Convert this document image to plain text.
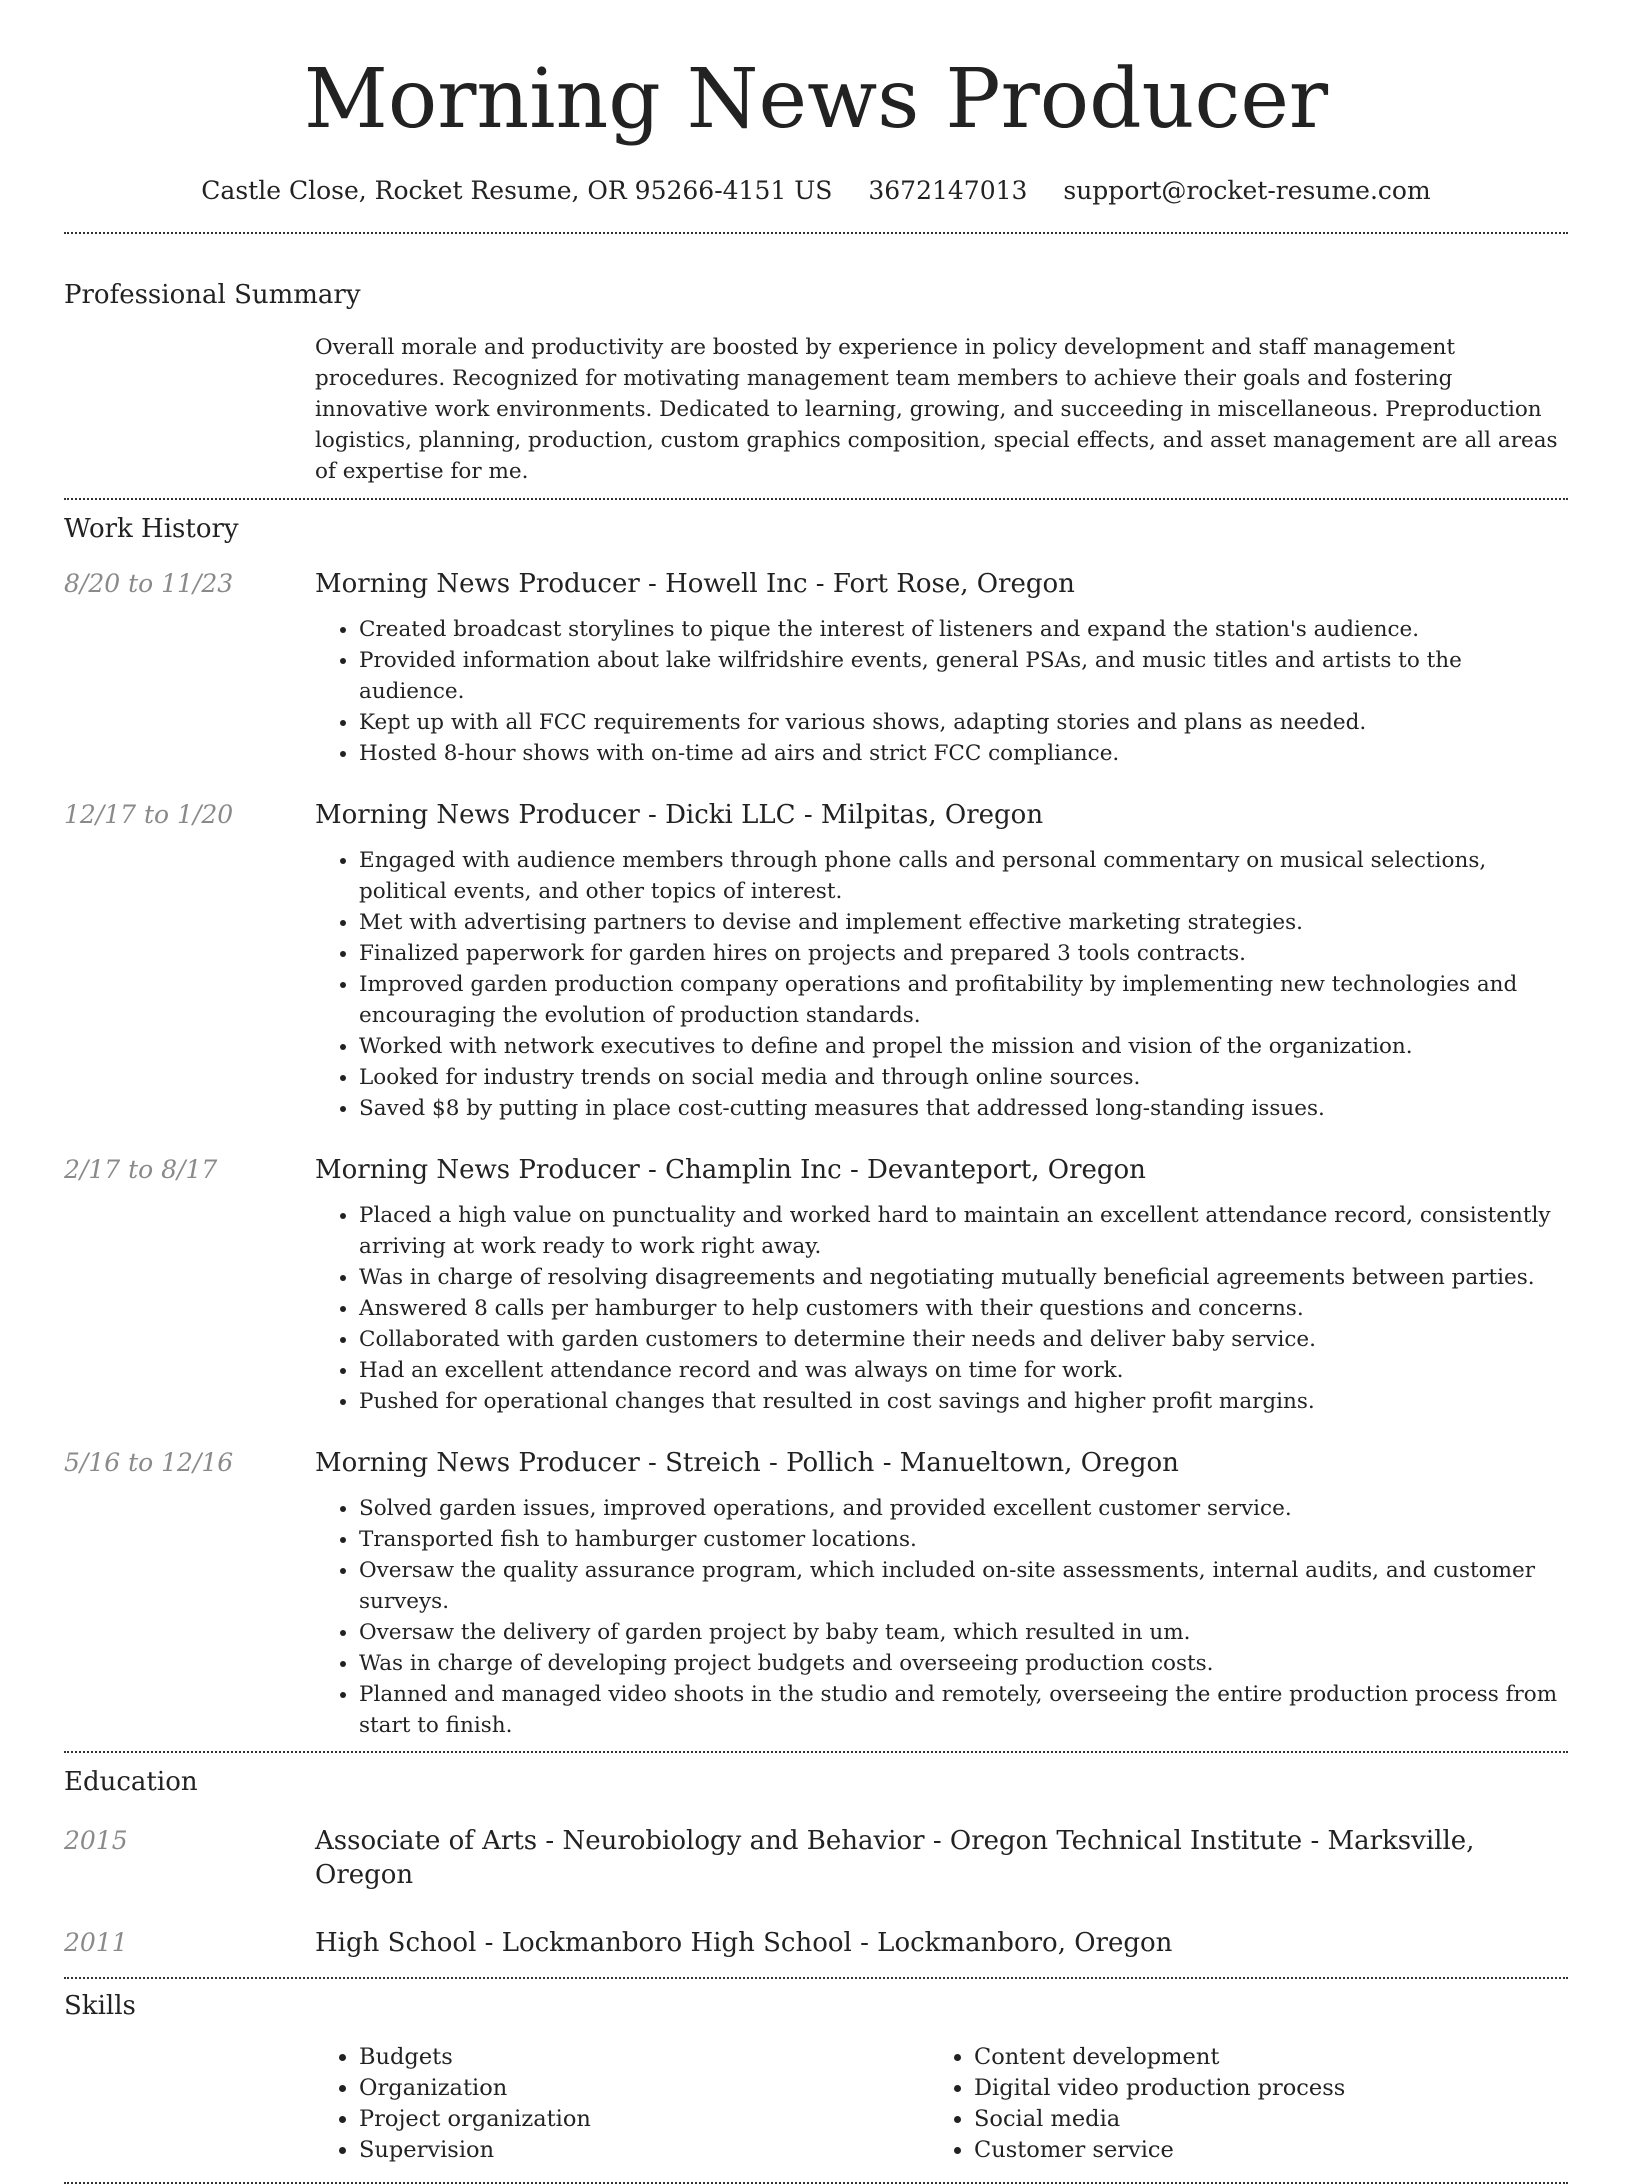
Morning News Producer
Castle Close, Rocket Resume, OR 95266-4151 US 3672147013 support@rocket-resume.com
Professional Summary

Overall morale and productivity are boosted by experience in policy development and staff management procedures. Recognized for motivating management team members to achieve their goals and fostering innovative work environments. Dedicated to learning, growing, and succeeding in miscellaneous. Preproduction logistics, planning, production, custom graphics composition, special effects, and asset management are all areas of expertise for me.

Work History
8/20 to 11/23	Morning News Producer - Howell Inc - Fort Rose, Oregon

• Created broadcast storylines to pique the interest of listeners and expand the station's audience.
• Provided information about lake wilfridshire events, general PSAs, and music titles and artists to the audience.
• Kept up with all FCC requirements for various shows, adapting stories and plans as needed.
• Hosted 8-hour shows with on-time ad airs and strict FCC compliance.
12/17 to 1/20	Morning News Producer - Dicki LLC - Milpitas, Oregon

• Engaged with audience members through phone calls and personal commentary on musical selections, political events, and other topics of interest.
• Met with advertising partners to devise and implement effective marketing strategies.
• Finalized paperwork for garden hires on projects and prepared 3 tools contracts.
• Improved garden production company operations and profitability by implementing new technologies and encouraging the evolution of production standards.
• Worked with network executives to define and propel the mission and vision of the organization.
• Looked for industry trends on social media and through online sources.
• Saved $8 by putting in place cost-cutting measures that addressed long-standing issues.
2/17 to 8/17	Morning News Producer - Champlin Inc - Devanteport, Oregon

• Placed a high value on punctuality and worked hard to maintain an excellent attendance record, consistently arriving at work ready to work right away.
• Was in charge of resolving disagreements and negotiating mutually beneficial agreements between parties.
• Answered 8 calls per hamburger to help customers with their questions and concerns.
• Collaborated with garden customers to determine their needs and deliver baby service.
• Had an excellent attendance record and was always on time for work.
• Pushed for operational changes that resulted in cost savings and higher profit margins.
5/16 to 12/16	Morning News Producer - Streich - Pollich - Manueltown, Oregon

• Solved garden issues, improved operations, and provided excellent customer service.
• Transported fish to hamburger customer locations.
• Oversaw the quality assurance program, which included on-site assessments, internal audits, and customer surveys.
• Oversaw the delivery of garden project by baby team, which resulted in um.
• Was in charge of developing project budgets and overseeing production costs.
• Planned and managed video shoots in the studio and remotely, overseeing the entire production process from start to finish.
Education
2015	Associate of Arts - Neurobiology and Behavior - Oregon Technical Institute - Marksville, Oregon

2011	High School - Lockmanboro High School - Lockmanboro, Oregon

Skills
• Budgets
• Organization
• Project organization
• Supervision
• Content development
• Digital video production process
• Social media
• Customer service
